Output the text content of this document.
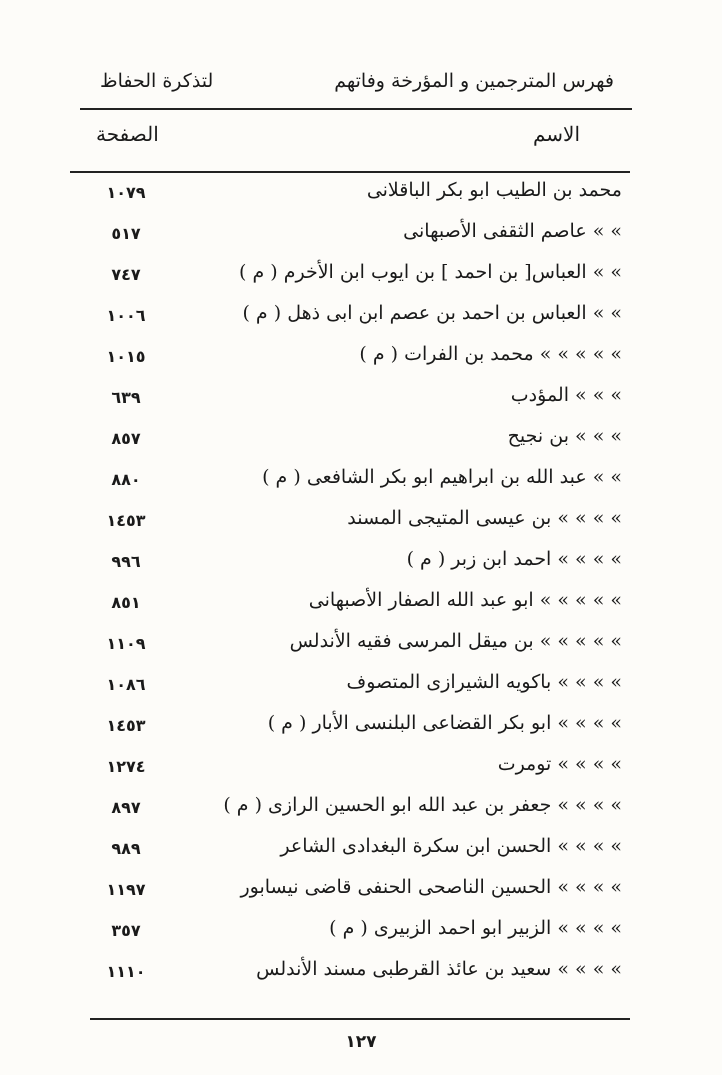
فهرس المترجمين و المؤرخة وفاتهم
لتذكرة الحفاظ
الاسم
الصفحة
محمد بن الطيب ابو بكر الباقلانى
١٠٧٩
» » عاصم الثقفى الأصبهانى
٥١٧
» » العباس[ بن احمد ] بن ايوب ابن الأخرم ( م )
٧٤٧
» » العباس بن احمد بن عصم ابن ابى ذهل ( م )
١٠٠٦
» » » » » محمد بن الفرات ( م )
١٠١٥
» » » المؤدب
٦٣٩
» » » بن نجيح
٨٥٧
» » عبد الله بن ابراهيم ابو بكر الشافعى ( م )
٨٨٠
» » » » بن عيسى المتيجى المسند
١٤٥٣
» » » » احمد ابن زبر ( م )
٩٩٦
» » » » » ابو عبد الله الصفار الأصبهانى
٨٥١
» » » » » بن ميقل المرسى فقيه الأندلس
١١٠٩
» » » » باكويه الشيرازى المتصوف
١٠٨٦
» » » » ابو بكر القضاعى البلنسى الأبار ( م )
١٤٥٣
» » » » تومرت
١٢٧٤
» » » » جعفر بن عبد الله ابو الحسين الرازى ( م )
٨٩٧
» » » » الحسن ابن سكرة البغدادى الشاعر
٩٨٩
» » » » الحسين الناصحى الحنفى قاضى نيسابور
١١٩٧
» » » » الزبير ابو احمد الزبيرى ( م )
٣٥٧
» » » » سعيد بن عائذ القرطبى مسند الأندلس
١١١٠
١٢٧
